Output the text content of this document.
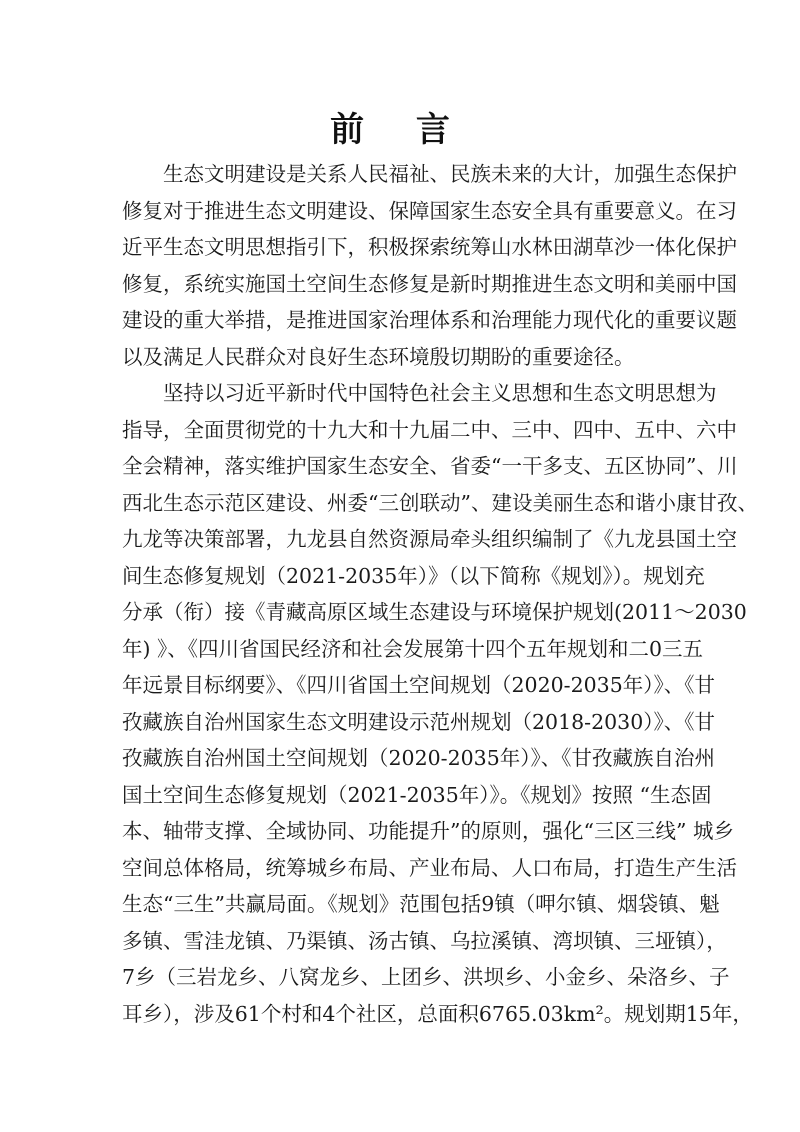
前 言
生态文明建设是关系人民福祉、民族未来的大计，加强生态保护
修复对于推进生态文明建设、保障国家生态安全具有重要意义。在习
近平生态文明思想指引下，积极探索统筹山水林田湖草沙一体化保护
修复，系统实施国土空间生态修复是新时期推进生态文明和美丽中国
建设的重大举措，是推进国家治理体系和治理能力现代化的重要议题
以及满足人民群众对良好生态环境殷切期盼的重要途径。
坚持以习近平新时代中国特色社会主义思想和生态文明思想为
指导，全面贯彻党的十九大和十九届二中、三中、四中、五中、六中
全会精神，落实维护国家生态安全、省委“一干多支、五区协同”、川
西北生态示范区建设、州委“三创联动”、建设美丽生态和谐小康甘孜、
九龙等决策部署，九龙县自然资源局牵头组织编制了《九龙县国土空
间生态修复规划（2021-2035年）》（以下简称《规划》）。规划充
分承（衔）接《青藏高原区域生态建设与环境保护规划(2011～2030
年) 》、《四川省国民经济和社会发展第十四个五年规划和二0三五
年远景目标纲要》、《四川省国土空间规划（2020-2035年）》、《甘
孜藏族自治州国家生态文明建设示范州规划（2018-2030）》、《甘
孜藏族自治州国土空间规划（2020-2035年）》、《甘孜藏族自治州
国土空间生态修复规划（2021-2035年）》。《规划》按照 “生态固
本、轴带支撑、全域协同、功能提升”的原则，强化“三区三线” 城乡
空间总体格局，统筹城乡布局、产业布局、人口布局，打造生产生活
生态“三生”共赢局面。《规划》范围包括9镇（呷尔镇、烟袋镇、魁
多镇、雪洼龙镇、乃渠镇、汤古镇、乌拉溪镇、湾坝镇、三垭镇），
7乡（三岩龙乡、八窝龙乡、上团乡、洪坝乡、小金乡、朵洛乡、子
耳乡），涉及61个村和4个社区，总面积6765.03km²。规划期15年，
